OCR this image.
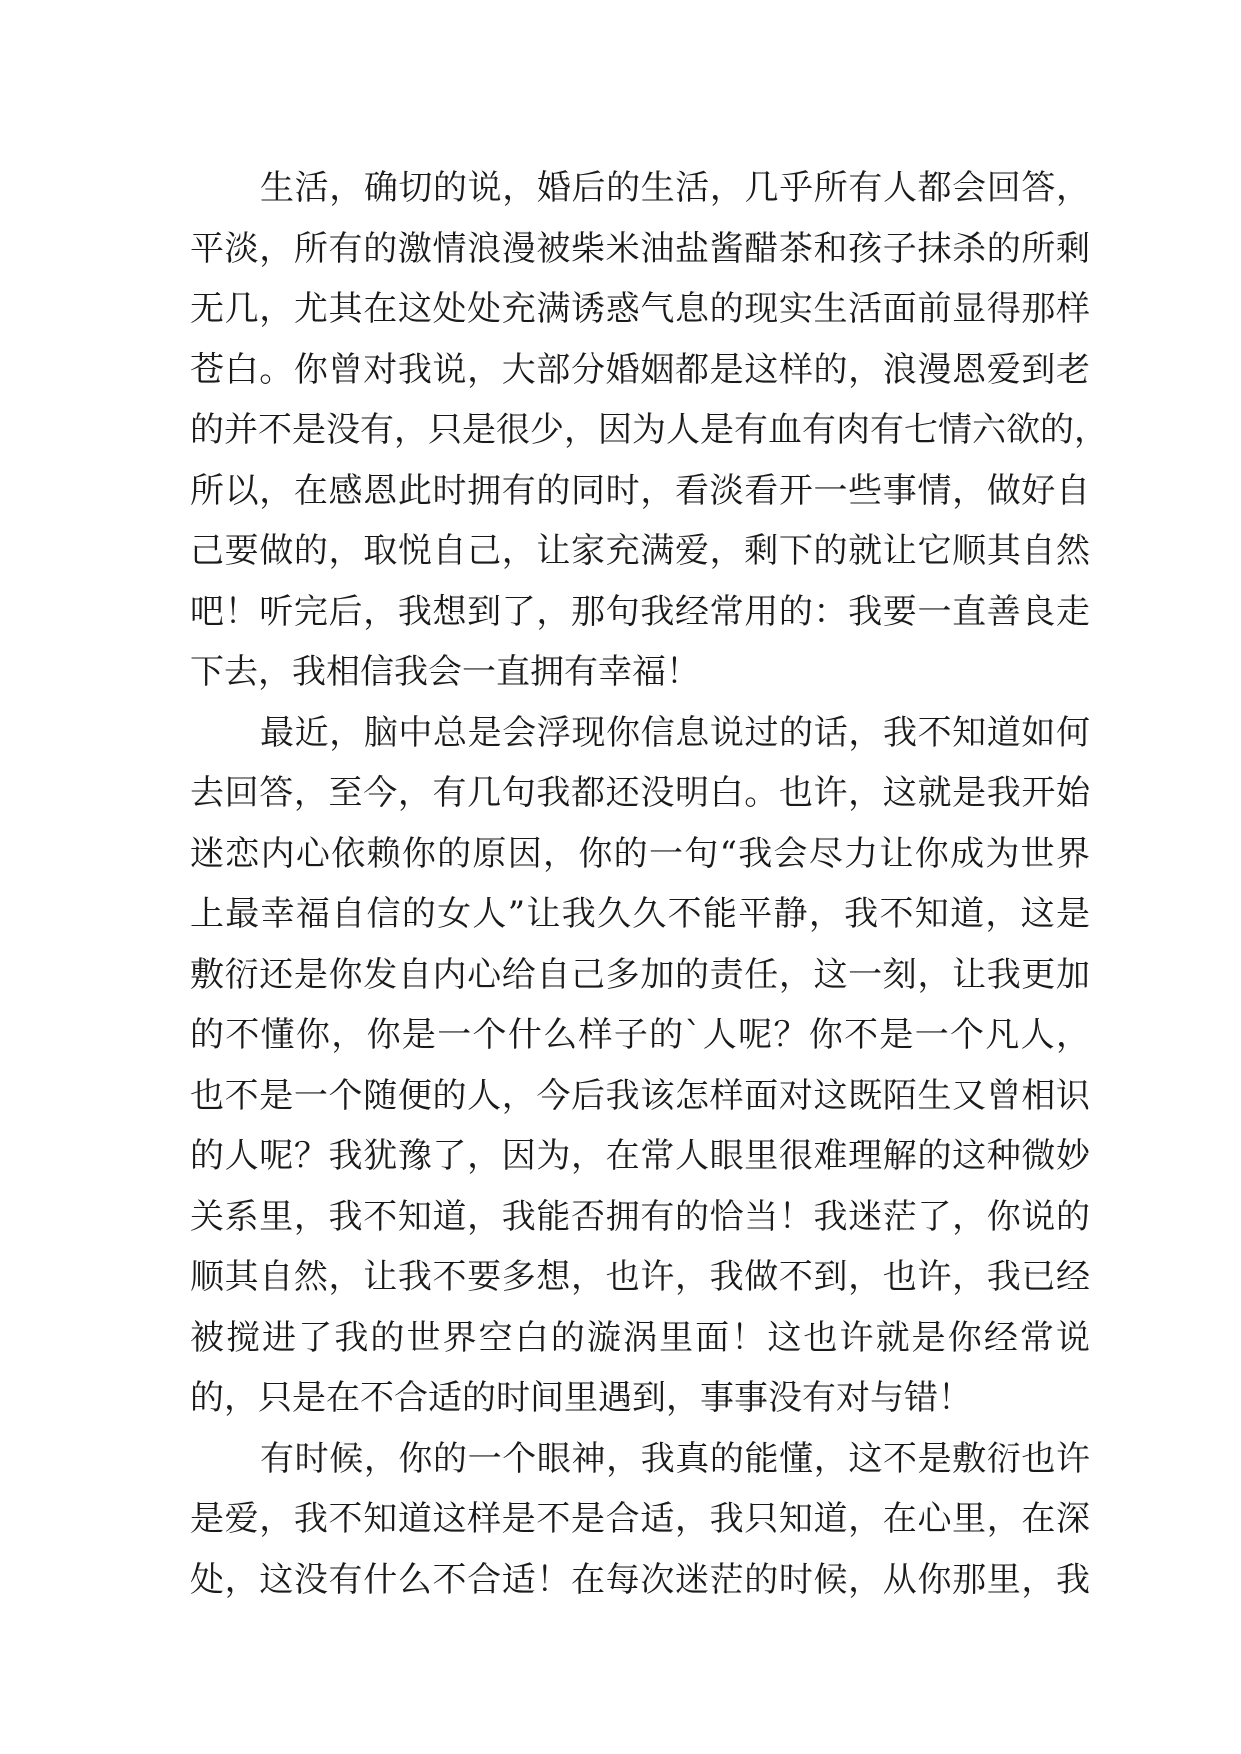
生活，确切的说，婚后的生活，几乎所有人都会回答，
平淡，所有的激情浪漫被柴米油盐酱醋茶和孩子抹杀的所剩
无几，尤其在这处处充满诱惑气息的现实生活面前显得那样
苍白。你曾对我说，大部分婚姻都是这样的，浪漫恩爱到老
的并不是没有，只是很少，因为人是有血有肉有七情六欲的，
所以，在感恩此时拥有的同时，看淡看开一些事情，做好自
己要做的，取悦自己，让家充满爱，剩下的就让它顺其自然
吧！听完后，我想到了，那句我经常用的：我要一直善良走
下去，我相信我会一直拥有幸福！
最近，脑中总是会浮现你信息说过的话，我不知道如何
去回答，至今，有几句我都还没明白。也许，这就是我开始
迷恋内心依赖你的原因，你的一句“我会尽力让你成为世界
上最幸福自信的女人”让我久久不能平静，我不知道，这是
敷衍还是你发自内心给自己多加的责任，这一刻，让我更加
的不懂你，你是一个什么样子的`人呢？你不是一个凡人，
也不是一个随便的人，今后我该怎样面对这既陌生又曾相识
的人呢？我犹豫了，因为，在常人眼里很难理解的这种微妙
关系里，我不知道，我能否拥有的恰当！我迷茫了，你说的
顺其自然，让我不要多想，也许，我做不到，也许，我已经
被搅进了我的世界空白的漩涡里面！这也许就是你经常说
的，只是在不合适的时间里遇到，事事没有对与错！
有时候，你的一个眼神，我真的能懂，这不是敷衍也许
是爱，我不知道这样是不是合适，我只知道，在心里，在深
处，这没有什么不合适！在每次迷茫的时候，从你那里，我
